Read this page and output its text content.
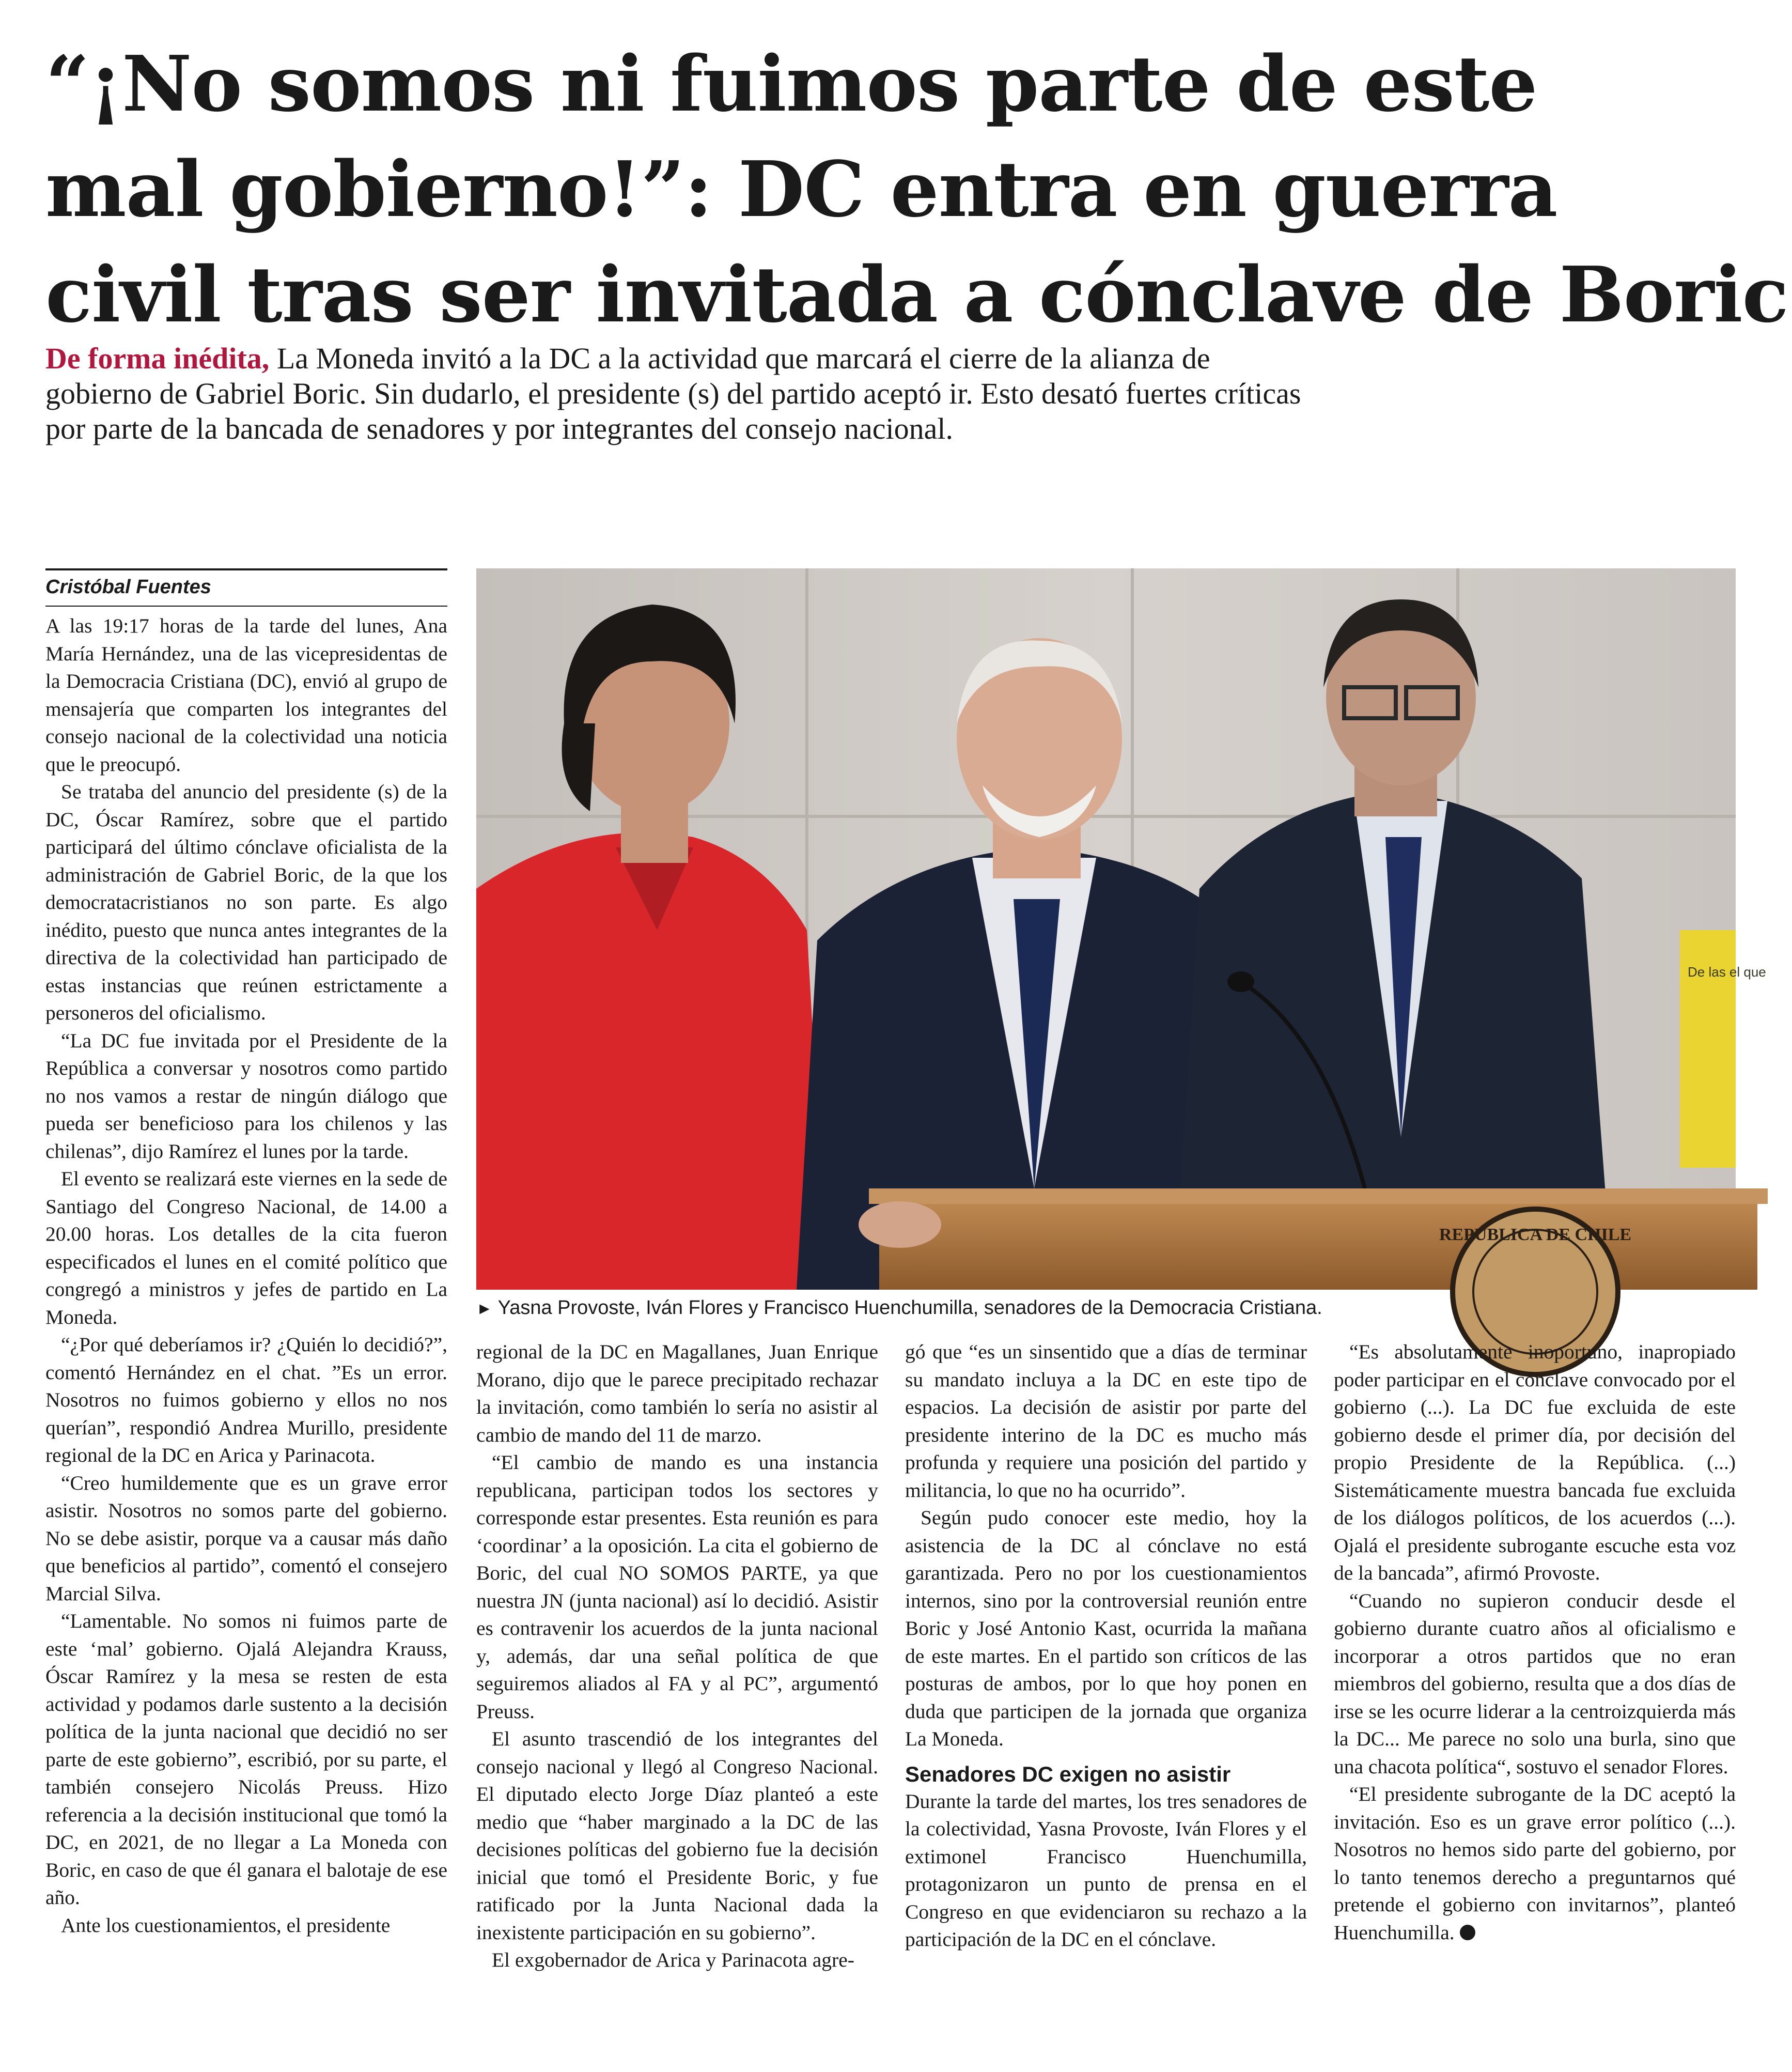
“¡No somos ni fuimos parte de este
mal gobierno!”: DC entra en guerra
civil tras ser invitada a cónclave de Boric

De forma inédita, La Moneda invitó a la DC a la actividad que marcará el cierre de la alianza de gobierno de Gabriel Boric. Sin dudarlo, el presidente (s) del partido aceptó ir. Esto desató fuertes críticas por parte de la bancada de senadores y por integrantes del consejo nacional.

Cristóbal Fuentes

A las 19:17 horas de la tarde del lunes, Ana María Hernández, una de las vicepresidentas de la Democracia Cristiana (DC), envió al grupo de mensajería que comparten los integrantes del consejo nacional de la colectividad una noticia que le preocupó.

Se trataba del anuncio del presidente (s) de la DC, Óscar Ramírez, sobre que el partido participará del último cónclave oficialista de la administración de Gabriel Boric, de la que los democratacristianos no son parte. Es algo inédito, puesto que nunca antes integrantes de la directiva de la colectividad han participado de estas instancias que reúnen estrictamente a personeros del oficialismo.

“La DC fue invitada por el Presidente de la República a conversar y nosotros como partido no nos vamos a restar de ningún diálogo que pueda ser beneficioso para los chilenos y las chilenas”, dijo Ramírez el lunes por la tarde.

El evento se realizará este viernes en la sede de Santiago del Congreso Nacional, de 14.00 a 20.00 horas. Los detalles de la cita fueron especificados el lunes en el comité político que congregó a ministros y jefes de partido en La Moneda.

“¿Por qué deberíamos ir? ¿Quién lo decidió?”, comentó Hernández en el chat. ”Es un error. Nosotros no fuimos gobierno y ellos no nos querían”, respondió Andrea Murillo, presidente regional de la DC en Arica y Parinacota.

“Creo humildemente que es un grave error asistir. Nosotros no somos parte del gobierno. No se debe asistir, porque va a causar más daño que beneficios al partido”, comentó el consejero Marcial Silva.

“Lamentable. No somos ni fuimos parte de este ‘mal’ gobierno. Ojalá Alejandra Krauss, Óscar Ramírez y la mesa se resten de esta actividad y podamos darle sustento a la decisión política de la junta nacional que decidió no ser parte de este gobierno”, escribió, por su parte, el también consejero Nicolás Preuss. Hizo referencia a la decisión institucional que tomó la DC, en 2021, de no llegar a La Moneda con Boric, en caso de que él ganara el balotaje de ese año.

Ante los cuestionamientos, el presidente

De las el que
REPÚBLICA DE CHILE
► Yasna Provoste, Iván Flores y Francisco Huenchumilla, senadores de la Democracia Cristiana.

regional de la DC en Magallanes, Juan Enrique Morano, dijo que le parece precipitado rechazar la invitación, como también lo sería no asistir al cambio de mando del 11 de marzo.

“El cambio de mando es una instancia republicana, participan todos los sectores y corresponde estar presentes. Esta reunión es para ‘coordinar’ a la oposición. La cita el gobierno de Boric, del cual NO SOMOS PARTE, ya que nuestra JN (junta nacional) así lo decidió. Asistir es contravenir los acuerdos de la junta nacional y, además, dar una señal política de que seguiremos aliados al FA y al PC”, argumentó Preuss.

El asunto trascendió de los integrantes del consejo nacional y llegó al Congreso Nacional. El diputado electo Jorge Díaz planteó a este medio que “haber marginado a la DC de las decisiones políticas del gobierno fue la decisión inicial que tomó el Presidente Boric, y fue ratificado por la Junta Nacional dada la inexistente participación en su gobierno”.

El exgobernador de Arica y Parinacota agre-

gó que “es un sinsentido que a días de terminar su mandato incluya a la DC en este tipo de espacios. La decisión de asistir por parte del presidente interino de la DC es mucho más profunda y requiere una posición del partido y militancia, lo que no ha ocurrido”.

Según pudo conocer este medio, hoy la asistencia de la DC al cónclave no está garantizada. Pero no por los cuestionamientos internos, sino por la controversial reunión entre Boric y José Antonio Kast, ocurrida la mañana de este martes. En el partido son críticos de las posturas de ambos, por lo que hoy ponen en duda que participen de la jornada que organiza La Moneda.

Senadores DC exigen no asistir

Durante la tarde del martes, los tres senadores de la colectividad, Yasna Provoste, Iván Flores y el extimonel Francisco Huenchumilla, protagonizaron un punto de prensa en el Congreso en que evidenciaron su rechazo a la participación de la DC en el cónclave.

“Es absolutamente inoportuno, inapropiado poder participar en el cónclave convocado por el gobierno (...). La DC fue excluida de este gobierno desde el primer día, por decisión del propio Presidente de la República. (...) Sistemáticamente muestra bancada fue excluida de los diálogos políticos, de los acuerdos (...). Ojalá el presidente subrogante escuche esta voz de la bancada”, afirmó Provoste.

“Cuando no supieron conducir desde el gobierno durante cuatro años al oficialismo e incorporar a otros partidos que no eran miembros del gobierno, resulta que a dos días de irse se les ocurre liderar a la centroizquierda más la DC... Me parece no solo una burla, sino que una chacota política“, sostuvo el senador Flores.

“El presidente subrogante de la DC aceptó la invitación. Eso es un grave error político (...). Nosotros no hemos sido parte del gobierno, por lo tanto tenemos derecho a preguntarnos qué pretende el gobierno con invitarnos”, planteó Huenchumilla.
